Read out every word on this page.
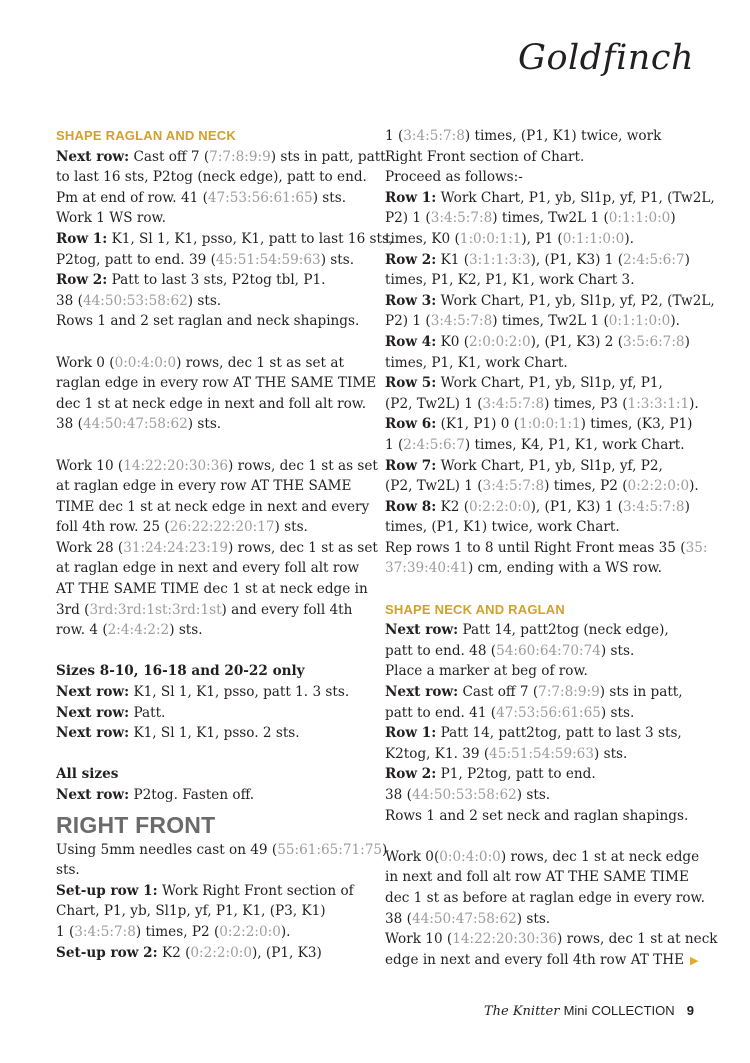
Goldfinch
SHAPE RAGLAN AND NECK
Next row: Cast off 7 (7:7:8:9:9) sts in patt, patt
to last 16 sts, P2tog (neck edge), patt to end.
Pm at end of row. 41 (47:53:56:61:65) sts.
Work 1 WS row.
Row 1: K1, Sl 1, K1, psso, K1, patt to last 16 sts,
P2tog, patt to end. 39 (45:51:54:59:63) sts.
Row 2: Patt to last 3 sts, P2tog tbl, P1.
38 (44:50:53:58:62) sts.
Rows 1 and 2 set raglan and neck shapings.
Work 0 (0:0:4:0:0) rows, dec 1 st as set at
raglan edge in every row AT THE SAME TIME
dec 1 st at neck edge in next and foll alt row.
38 (44:50:47:58:62) sts.
Work 10 (14:22:20:30:36) rows, dec 1 st as set
at raglan edge in every row AT THE SAME
TIME dec 1 st at neck edge in next and every
foll 4th row. 25 (26:22:22:20:17) sts.
Work 28 (31:24:24:23:19) rows, dec 1 st as set
at raglan edge in next and every foll alt row
AT THE SAME TIME dec 1 st at neck edge in
3rd (3rd:3rd:1st:3rd:1st) and every foll 4th
row. 4 (2:4:4:2:2) sts.
Sizes 8-10, 16-18 and 20-22 only
Next row: K1, Sl 1, K1, psso, patt 1. 3 sts.
Next row: Patt.
Next row: K1, Sl 1, K1, psso. 2 sts.
All sizes
Next row: P2tog. Fasten off.
RIGHT FRONT
Using 5mm needles cast on 49 (55:61:65:71:75)
sts.
Set-up row 1: Work Right Front section of
Chart, P1, yb, Sl1p, yf, P1, K1, (P3, K1)
1 (3:4:5:7:8) times, P2 (0:2:2:0:0).
Set-up row 2: K2 (0:2:2:0:0), (P1, K3)
1 (3:4:5:7:8) times, (P1, K1) twice, work
Right Front section of Chart.
Proceed as follows:-
Row 1: Work Chart, P1, yb, Sl1p, yf, P1, (Tw2L,
P2) 1 (3:4:5:7:8) times, Tw2L 1 (0:1:1:0:0)
times, K0 (1:0:0:1:1), P1 (0:1:1:0:0).
Row 2: K1 (3:1:1:3:3), (P1, K3) 1 (2:4:5:6:7)
times, P1, K2, P1, K1, work Chart 3.
Row 3: Work Chart, P1, yb, Sl1p, yf, P2, (Tw2L,
P2) 1 (3:4:5:7:8) times, Tw2L 1 (0:1:1:0:0).
Row 4: K0 (2:0:0:2:0), (P1, K3) 2 (3:5:6:7:8)
times, P1, K1, work Chart.
Row 5: Work Chart, P1, yb, Sl1p, yf, P1,
(P2, Tw2L) 1 (3:4:5:7:8) times, P3 (1:3:3:1:1).
Row 6: (K1, P1) 0 (1:0:0:1:1) times, (K3, P1)
1 (2:4:5:6:7) times, K4, P1, K1, work Chart.
Row 7: Work Chart, P1, yb, Sl1p, yf, P2,
(P2, Tw2L) 1 (3:4:5:7:8) times, P2 (0:2:2:0:0).
Row 8: K2 (0:2:2:0:0), (P1, K3) 1 (3:4:5:7:8)
times, (P1, K1) twice, work Chart.
Rep rows 1 to 8 until Right Front meas 35 (35:
37:39:40:41) cm, ending with a WS row.
SHAPE NECK AND RAGLAN
Next row: Patt 14, patt2tog (neck edge),
patt to end. 48 (54:60:64:70:74) sts.
Place a marker at beg of row.
Next row: Cast off 7 (7:7:8:9:9) sts in patt,
patt to end. 41 (47:53:56:61:65) sts.
Row 1: Patt 14, patt2tog, patt to last 3 sts,
K2tog, K1. 39 (45:51:54:59:63) sts.
Row 2: P1, P2tog, patt to end.
38 (44:50:53:58:62) sts.
Rows 1 and 2 set neck and raglan shapings.
Work 0(0:0:4:0:0) rows, dec 1 st at neck edge
in next and foll alt row AT THE SAME TIME
dec 1 st as before at raglan edge in every row.
38 (44:50:47:58:62) sts.
Work 10 (14:22:20:30:36) rows, dec 1 st at neck
edge in next and every foll 4th row AT THE ▶
The Knitter Mini COLLECTION 9
